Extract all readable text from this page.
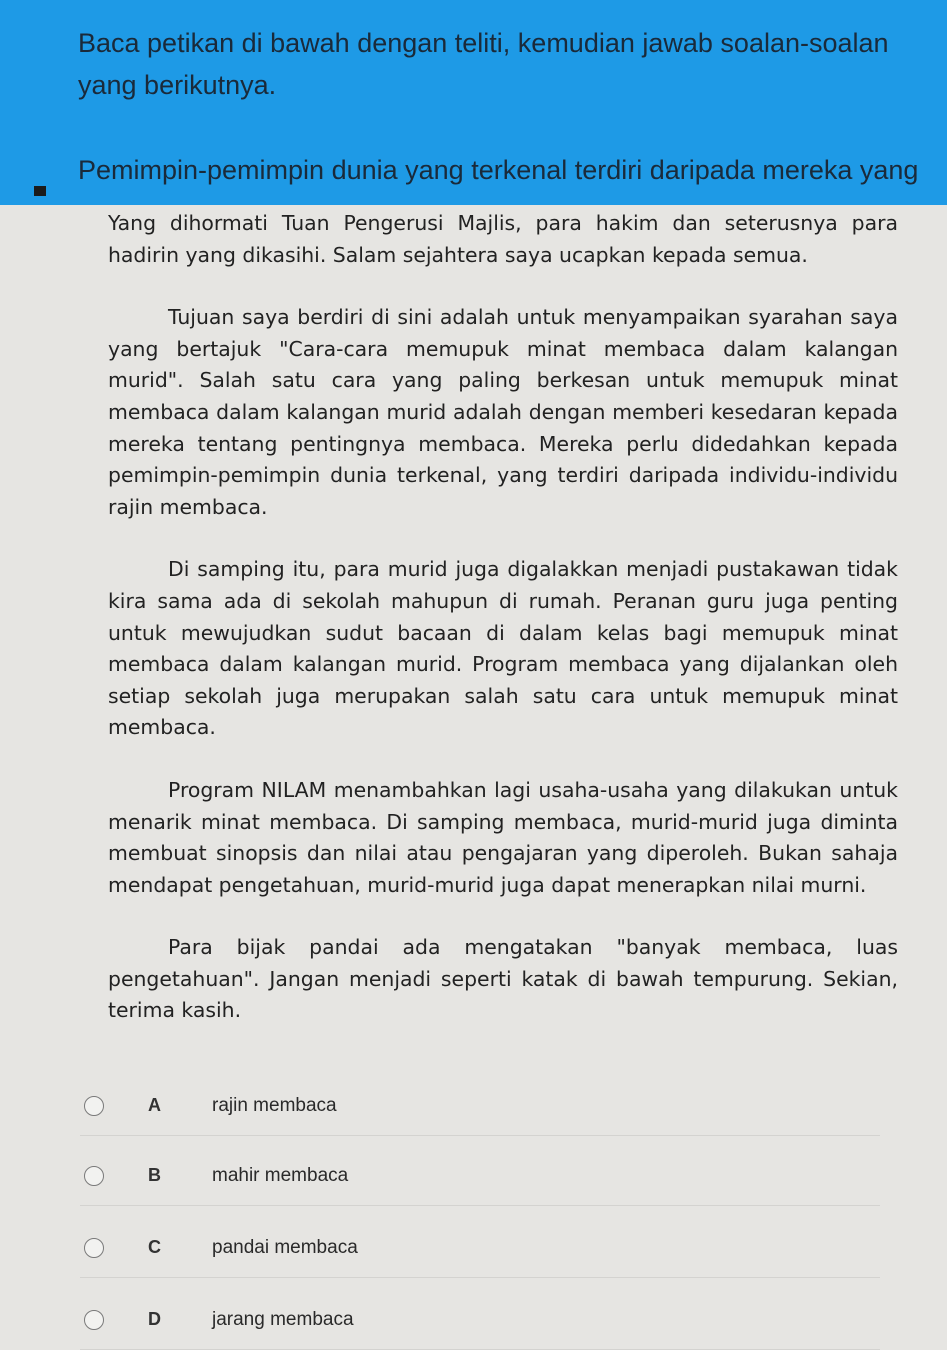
Baca petikan di bawah dengan teliti, kemudian jawab soalan-soalan yang berikutnya.
Pemimpin-pemimpin dunia yang terkenal terdiri daripada mereka yang

Yang dihormati Tuan Pengerusi Majlis, para hakim dan seterusnya para hadirin yang dikasihi. Salam sejahtera saya ucapkan kepada semua.

Tujuan saya berdiri di sini adalah untuk menyampaikan syarahan saya yang bertajuk "Cara-cara memupuk minat membaca dalam kalangan murid". Salah satu cara yang paling berkesan untuk memupuk minat membaca dalam kalangan murid adalah dengan memberi kesedaran kepada mereka tentang pentingnya membaca. Mereka perlu didedahkan kepada pemimpin-pemimpin dunia terkenal, yang terdiri daripada individu-individu rajin membaca.

Di samping itu, para murid juga digalakkan menjadi pustakawan tidak kira sama ada di sekolah mahupun di rumah. Peranan guru juga penting untuk mewujudkan sudut bacaan di dalam kelas bagi memupuk minat membaca dalam kalangan murid. Program membaca yang dijalankan oleh setiap sekolah juga merupakan salah satu cara untuk memupuk minat membaca.

Program NILAM menambahkan lagi usaha-usaha yang dilakukan untuk menarik minat membaca. Di samping membaca, murid-murid juga diminta membuat sinopsis dan nilai atau pengajaran yang diperoleh. Bukan sahaja mendapat pengetahuan, murid-murid juga dapat menerapkan nilai murni.

Para bijak pandai ada mengatakan "banyak membaca, luas pengetahuan". Jangan menjadi seperti katak di bawah tempurung. Sekian, terima kasih.

A	rajin membaca
B	mahir membaca
C	pandai membaca
D	jarang membaca
